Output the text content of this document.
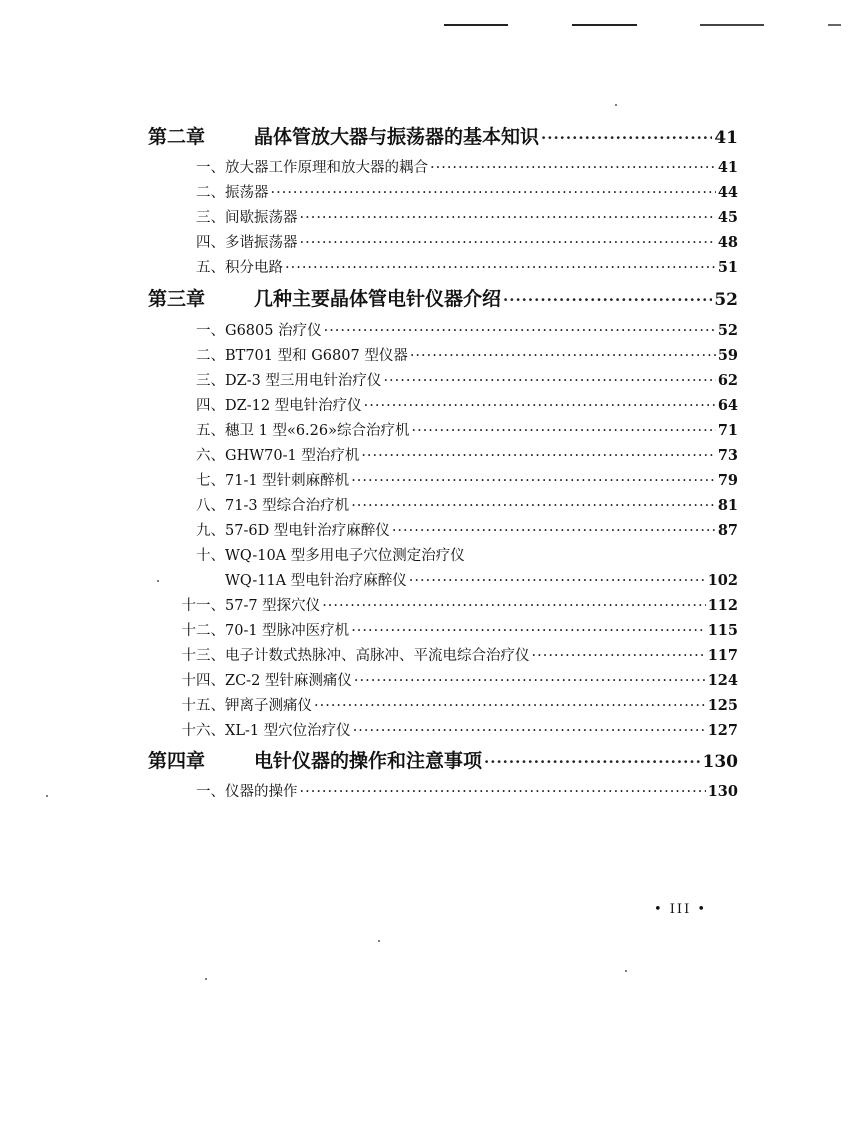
第二章	晶体管放大器与振荡器的基本知识 ·····	41
一、 放大器工作原理和放大器的耦合 ·····	41
二、 振荡器 ·····	44
三、 间歇振荡器 ·····	45
四、 多谐振荡器 ·····	48
五、 积分电路 ·····	51
第三章	几种主要晶体管电针仪器介绍 ·····	52
一、 G6805 治疗仪 ·····	52
二、 BT701 型和 G6807 型仪器 ·····	59
三、 DZ-3 型三用电针治疗仪 ·····	62
四、 DZ-12 型电针治疗仪 ·····	64
五、 穗卫 1 型«6.26»综合治疗机 ·····	71
六、 GHW70-1 型治疗机 ·····	73
七、 71-1 型针刺麻醉机 ·····	79
八、 71-3 型综合治疗机 ·····	81
九、 57-6D 型电针治疗麻醉仪 ·····	87
十、 WQ-10A 型多用电子穴位测定治疗仪
WQ-11A 型电针治疗麻醉仪 ·····	102
十一、 57-7 型探穴仪 ·····	112
十二、 70-1 型脉冲医疗机 ·····	115
十三、 电子计数式热脉冲、高脉冲、平流电综合治疗仪 ·····	117
十四、 ZC-2 型针麻测痛仪 ·····	124
十五、 钾离子测痛仪 ·····	125
十六、 XL-1 型穴位治疗仪 ·····	127
第四章	电针仪器的操作和注意事项 ·····	130
一、 仪器的操作 ·····	130
• III •
